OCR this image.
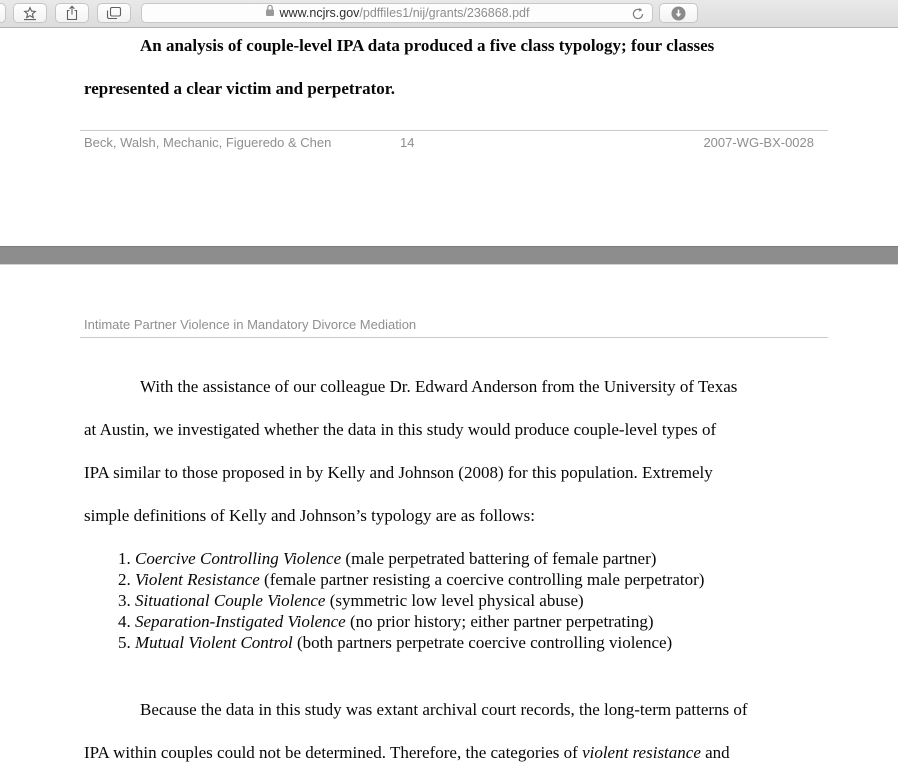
www.ncjrs.gov/pdffiles1/nij/grants/236868.pdf
An analysis of couple-level IPA data produced a five class typology; four classes
represented a clear victim and perpetrator.
Beck, Walsh, Mechanic, Figueredo & Chen	14	2007-WG-BX-0028
Intimate Partner Violence in Mandatory Divorce Mediation
With the assistance of our colleague Dr. Edward Anderson from the University of Texas
at Austin, we investigated whether the data in this study would produce couple-level types of
IPA similar to those proposed in by Kelly and Johnson (2008) for this population. Extremely
simple definitions of Kelly and Johnson’s typology are as follows:
1. Coercive Controlling Violence (male perpetrated battering of female partner)
2. Violent Resistance (female partner resisting a coercive controlling male perpetrator)
3. Situational Couple Violence (symmetric low level physical abuse)
4. Separation-Instigated Violence (no prior history; either partner perpetrating)
5. Mutual Violent Control (both partners perpetrate coercive controlling violence)
Because the data in this study was extant archival court records, the long-term patterns of
IPA within couples could not be determined. Therefore, the categories of violent resistance and
